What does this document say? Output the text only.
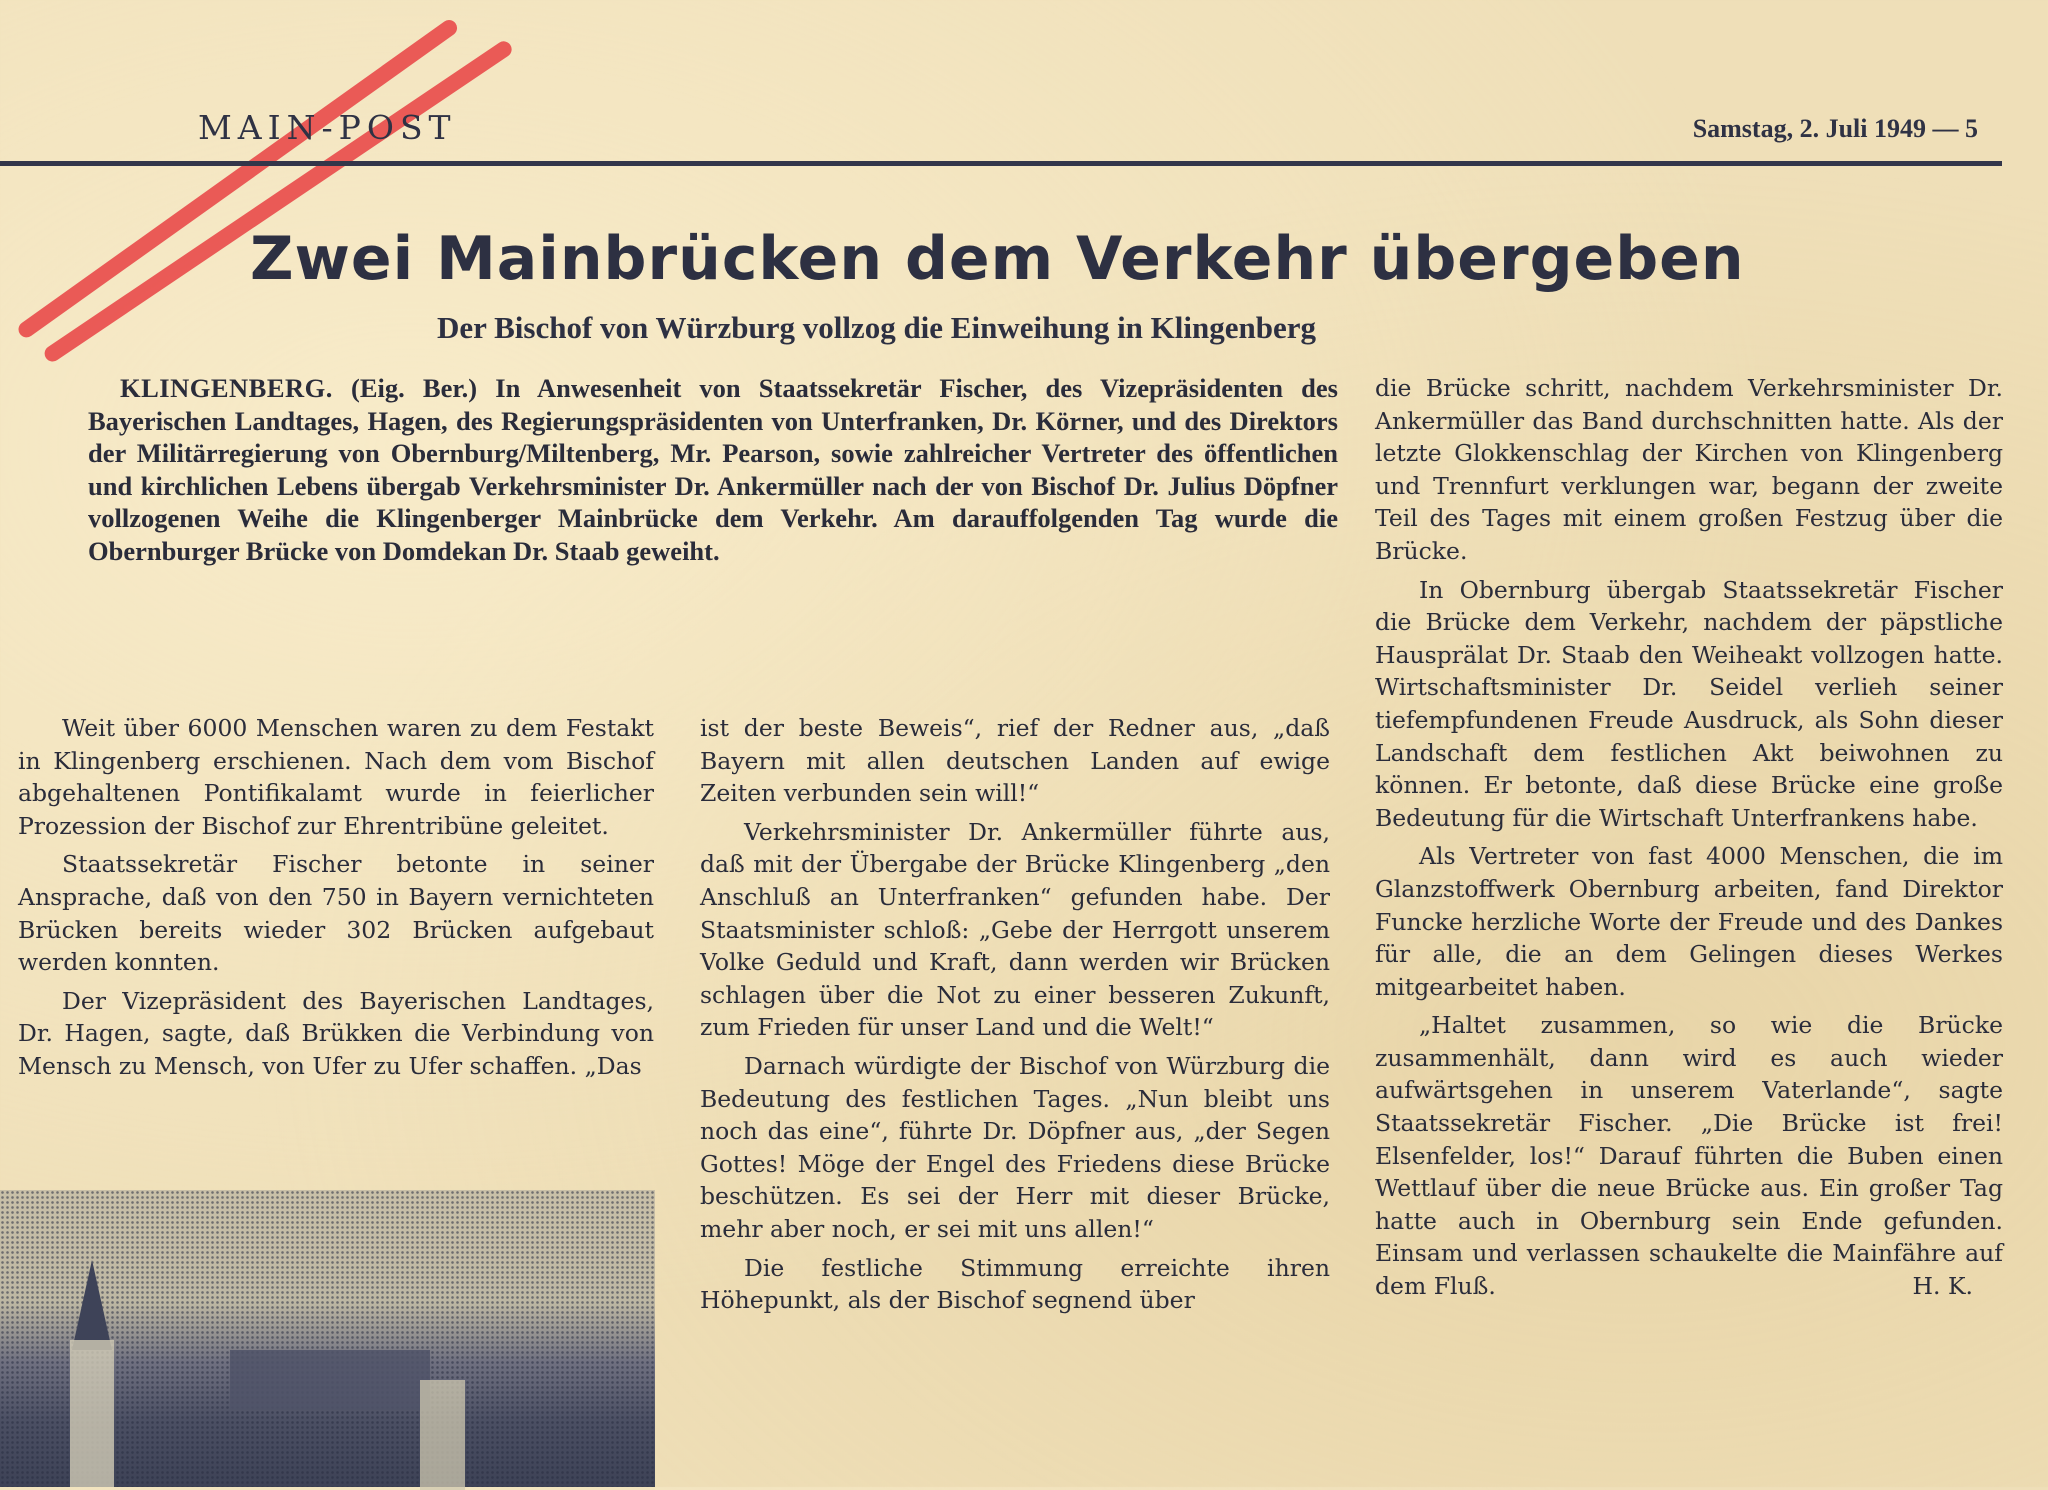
MAIN-POST	Samstag, 2. Juli 1949 — 5
Zwei Mainbrücken dem Verkehr übergeben
Der Bischof von Würzburg vollzog die Einweihung in Klingenberg
KLINGENBERG. (Eig. Ber.) In Anwesenheit von Staatssekretär Fischer, des Vizepräsidenten des Bayerischen Landtages, Hagen, des Regierungspräsidenten von Unterfranken, Dr. Körner, und des Direktors der Militärregierung von Obernburg/Miltenberg, Mr. Pearson, sowie zahlreicher Vertreter des öffentlichen und kirchlichen Lebens übergab Verkehrsminister Dr. Ankermüller nach der von Bischof Dr. Julius Döpfner vollzogenen Weihe die Klingenberger Mainbrücke dem Verkehr. Am darauffolgenden Tag wurde die Obernburger Brücke von Domdekan Dr. Staab geweiht.

Weit über 6000 Menschen waren zu dem Festakt in Klingenberg erschienen. Nach dem vom Bischof abgehaltenen Pontifikalamt wurde in feierlicher Prozession der Bischof zur Ehrentribüne geleitet.

Staatssekretär Fischer betonte in seiner Ansprache, daß von den 750 in Bayern vernichteten Brücken bereits wieder 302 Brücken aufgebaut werden konnten.

Der Vizepräsident des Bayerischen Landtages, Dr. Hagen, sagte, daß Brükken die Verbindung von Mensch zu Mensch, von Ufer zu Ufer schaffen. „Das

ist der beste Beweis“, rief der Redner aus, „daß Bayern mit allen deutschen Landen auf ewige Zeiten verbunden sein will!“

Verkehrsminister Dr. Ankermüller führte aus, daß mit der Übergabe der Brücke Klingenberg „den Anschluß an Unterfranken“ gefunden habe. Der Staatsminister schloß: „Gebe der Herrgott unserem Volke Geduld und Kraft, dann werden wir Brücken schlagen über die Not zu einer besseren Zukunft, zum Frieden für unser Land und die Welt!“

Darnach würdigte der Bischof von Würzburg die Bedeutung des festlichen Tages. „Nun bleibt uns noch das eine“, führte Dr. Döpfner aus, „der Segen Gottes! Möge der Engel des Friedens diese Brücke beschützen. Es sei der Herr mit dieser Brücke, mehr aber noch, er sei mit uns allen!“

Die festliche Stimmung erreichte ihren Höhepunkt, als der Bischof segnend über

die Brücke schritt, nachdem Verkehrsminister Dr. Ankermüller das Band durchschnitten hatte. Als der letzte Glokkenschlag der Kirchen von Klingenberg und Trennfurt verklungen war, begann der zweite Teil des Tages mit einem großen Festzug über die Brücke.

In Obernburg übergab Staatssekretär Fischer die Brücke dem Verkehr, nachdem der päpstliche Hausprälat Dr. Staab den Weiheakt vollzogen hatte. Wirtschaftsminister Dr. Seidel verlieh seiner tiefempfundenen Freude Ausdruck, als Sohn dieser Landschaft dem festlichen Akt beiwohnen zu können. Er betonte, daß diese Brücke eine große Bedeutung für die Wirtschaft Unterfrankens habe.

Als Vertreter von fast 4000 Menschen, die im Glanzstoffwerk Obernburg arbeiten, fand Direktor Funcke herzliche Worte der Freude und des Dankes für alle, die an dem Gelingen dieses Werkes mitgearbeitet haben.

„Haltet zusammen, so wie die Brücke zusammenhält, dann wird es auch wieder aufwärtsgehen in unserem Vaterlande“, sagte Staatssekretär Fischer. „Die Brücke ist frei! Elsenfelder, los!“ Darauf führten die Buben einen Wettlauf über die neue Brücke aus. Ein großer Tag hatte auch in Obernburg sein Ende gefunden. Einsam und verlassen schaukelte die Mainfähre auf dem Fluß.	H. K.
